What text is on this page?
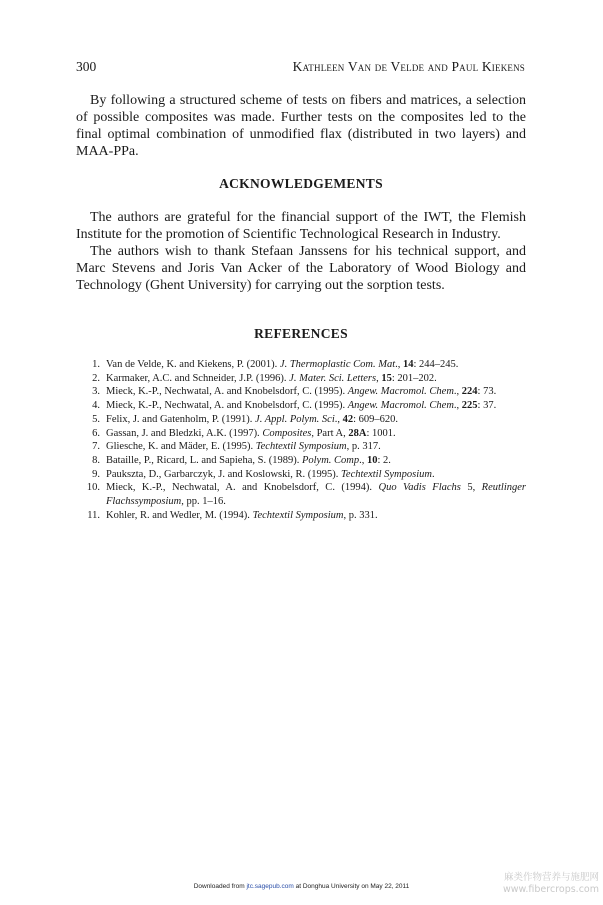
300	Kathleen Van de Velde and Paul Kiekens

By following a structured scheme of tests on fibers and matrices, a selection of possible composites was made. Further tests on the composites led to the final optimal combination of unmodified flax (distributed in two layers) and MAA-PPa.

ACKNOWLEDGEMENTS

The authors are grateful for the financial support of the IWT, the Flemish Institute for the promotion of Scientific Technological Research in Industry.

The authors wish to thank Stefaan Janssens for his technical support, and Marc Stevens and Joris Van Acker of the Laboratory of Wood Biology and Technology (Ghent University) for carrying out the sorption tests.

REFERENCES
1. Van de Velde, K. and Kiekens, P. (2001). J. Thermoplastic Com. Mat., 14: 244–245.
2. Karmaker, A.C. and Schneider, J.P. (1996). J. Mater. Sci. Letters, 15: 201–202.
3. Mieck, K.-P., Nechwatal, A. and Knobelsdorf, C. (1995). Angew. Macromol. Chem., 224: 73.
4. Mieck, K.-P., Nechwatal, A. and Knobelsdorf, C. (1995). Angew. Macromol. Chem., 225: 37.
5. Felix, J. and Gatenholm, P. (1991). J. Appl. Polym. Sci., 42: 609–620.
6. Gassan, J. and Bledzki, A.K. (1997). Composites, Part A, 28A: 1001.
7. Gliesche, K. and Mäder, E. (1995). Techtextil Symposium, p. 317.
8. Bataille, P., Ricard, L. and Sapieha, S. (1989). Polym. Comp., 10: 2.
9. Paukszta, D., Garbarczyk, J. and Koslowski, R. (1995). Techtextil Symposium.
10. Mieck, K.-P., Nechwatal, A. and Knobelsdorf, C. (1994). Quo Vadis Flachs 5, Reutlinger Flachssymposium, pp. 1–16.
11. Kohler, R. and Wedler, M. (1994). Techtextil Symposium, p. 331.
Downloaded from jtc.sagepub.com at Donghua University on May 22, 2011
麻类作物营养与施肥网
www.fibercrops.com
